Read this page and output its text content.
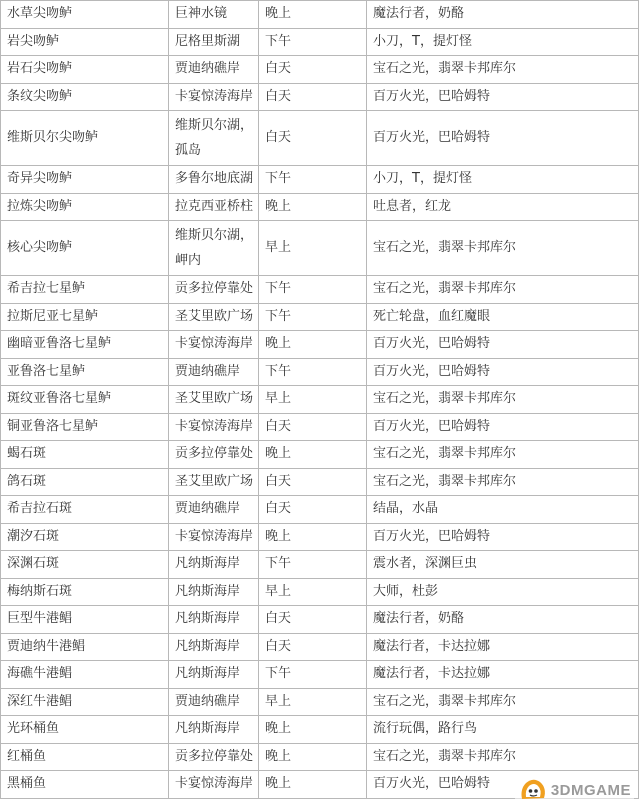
水草尖吻鲈	巨神水镜	晚上	魔法行者，奶酪
岩尖吻鲈	尼格里斯湖	下午	小刀，T，提灯怪
岩石尖吻鲈	贾迪纳礁岸	白天	宝石之光，翡翠卡邦库尔
条纹尖吻鲈	卡宴惊涛海岸	白天	百万火光，巴哈姆特
维斯贝尔尖吻鲈	维斯贝尔湖，孤岛	白天	百万火光，巴哈姆特
奇异尖吻鲈	多鲁尔地底湖	下午	小刀，T，提灯怪
拉炼尖吻鲈	拉克西亚桥柱	晚上	吐息者，红龙
核心尖吻鲈	维斯贝尔湖，岬内	早上	宝石之光，翡翠卡邦库尔
希吉拉七星鲈	贡多拉停靠处	下午	宝石之光，翡翠卡邦库尔
拉斯尼亚七星鲈	圣艾里欧广场	下午	死亡轮盘，血红魔眼
幽暗亚鲁洛七星鲈	卡宴惊涛海岸	晚上	百万火光，巴哈姆特
亚鲁洛七星鲈	贾迪纳礁岸	下午	百万火光，巴哈姆特
斑纹亚鲁洛七星鲈	圣艾里欧广场	早上	宝石之光，翡翠卡邦库尔
铜亚鲁洛七星鲈	卡宴惊涛海岸	白天	百万火光，巴哈姆特
蝎石斑	贡多拉停靠处	晚上	宝石之光，翡翠卡邦库尔
鸽石斑	圣艾里欧广场	白天	宝石之光，翡翠卡邦库尔
希吉拉石斑	贾迪纳礁岸	白天	结晶，水晶
潮汐石斑	卡宴惊涛海岸	晚上	百万火光，巴哈姆特
深渊石斑	凡纳斯海岸	下午	震水者，深渊巨虫
梅纳斯石斑	凡纳斯海岸	早上	大师，杜彭
巨型牛港鲳	凡纳斯海岸	白天	魔法行者，奶酪
贾迪纳牛港鲳	凡纳斯海岸	白天	魔法行者，卡达拉娜
海礁牛港鲳	凡纳斯海岸	下午	魔法行者，卡达拉娜
深红牛港鲳	贾迪纳礁岸	早上	宝石之光，翡翠卡邦库尔
光环桶鱼	凡纳斯海岸	晚上	流行玩偶，路行鸟
红桶鱼	贡多拉停靠处	晚上	宝石之光，翡翠卡邦库尔
黑桶鱼	卡宴惊涛海岸	晚上	百万火光，巴哈姆特	3DMGAME
